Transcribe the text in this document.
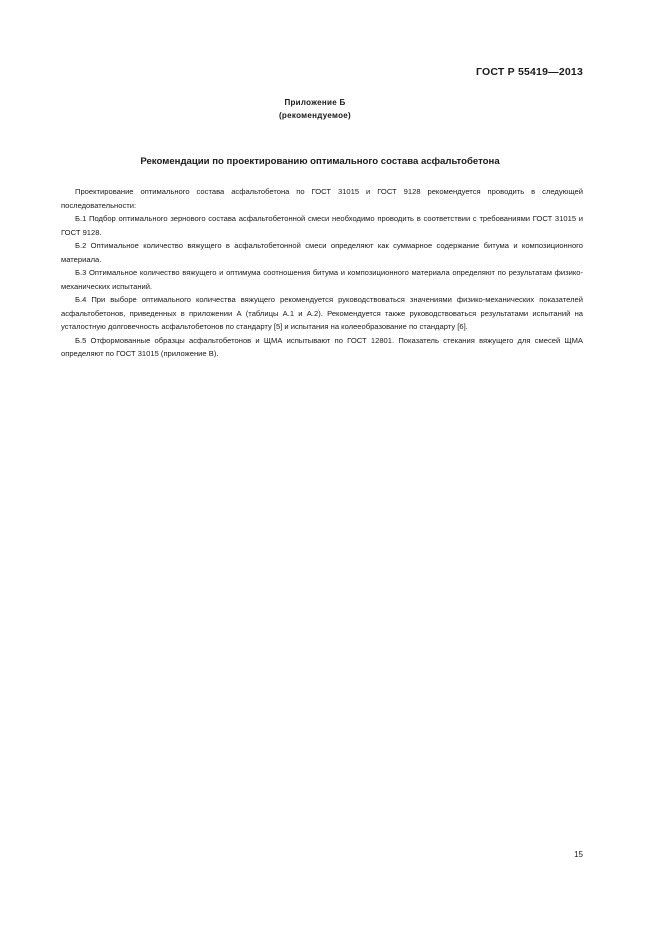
ГОСТ Р 55419—2013
Приложение Б
(рекомендуемое)
Рекомендации по проектированию оптимального состава асфальтобетона

Проектирование оптимального состава асфальтобетона по ГОСТ 31015 и ГОСТ 9128 рекомендуется проводить в следующей последовательности:

Б.1 Подбор оптимального зернового состава асфальтобетонной смеси необходимо проводить в соответствии с требованиями ГОСТ 31015 и ГОСТ 9128.

Б.2 Оптимальное количество вяжущего в асфальтобетонной смеси определяют как суммарное содержание битума и композиционного материала.

Б.3 Оптимальное количество вяжущего и оптимума соотношения битума и композиционного материала определяют по результатам физико-механических испытаний.

Б.4 При выборе оптимального количества вяжущего рекомендуется руководствоваться значениями физико-механических показателей асфальтобетонов, приведенных в приложении А (таблицы А.1 и А.2). Рекомендуется также руководствоваться результатами испытаний на усталостную долговечность асфальтобетонов по стандарту [5] и испытания на колееобразование по стандарту [6].

Б.5 Отформованные образцы асфальтобетонов и ЩМА испытывают по ГОСТ 12801. Показатель стекания вяжущего для смесей ЩМА определяют по ГОСТ 31015 (приложение В).

15
